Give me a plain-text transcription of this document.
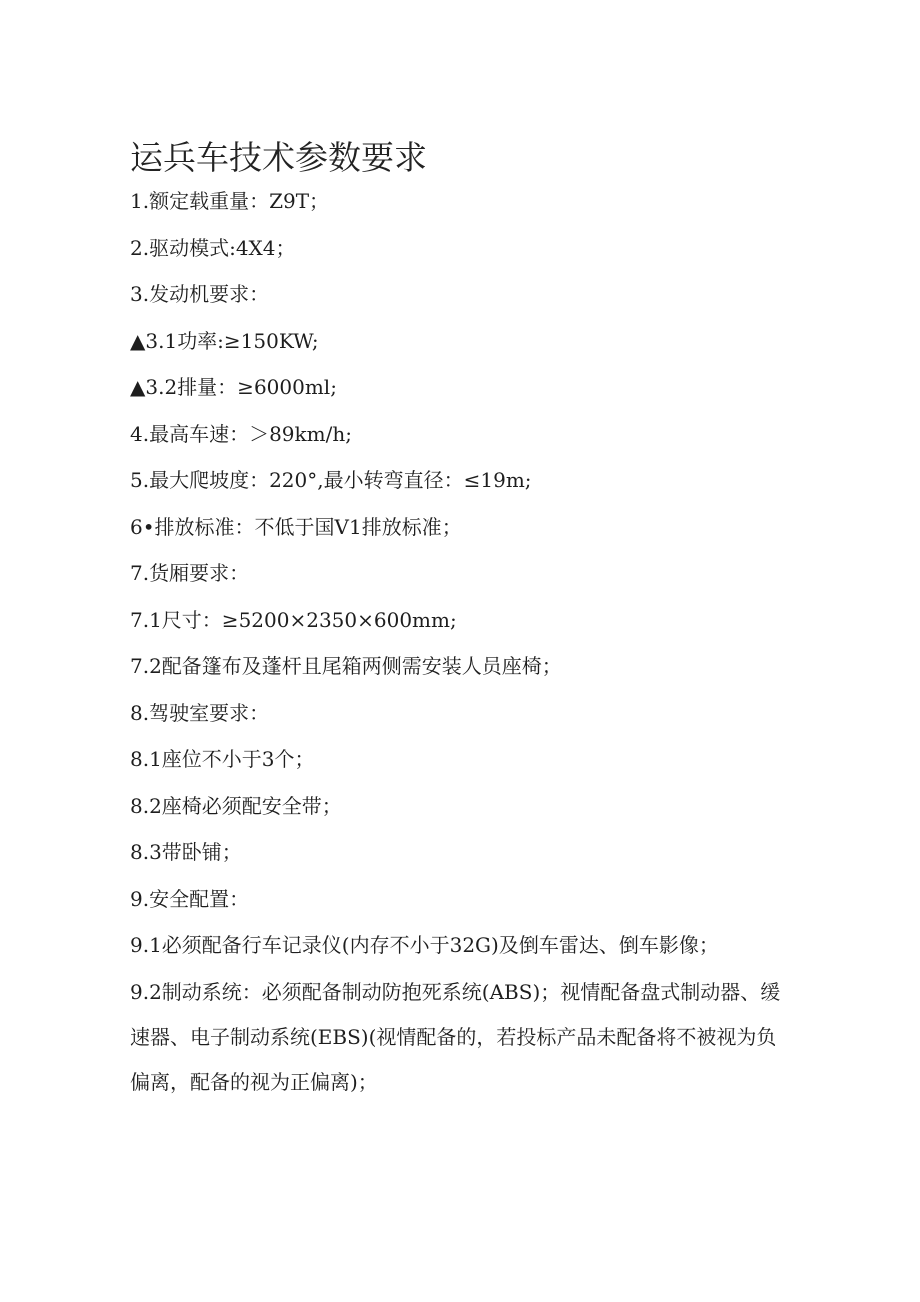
运兵车技术参数要求

1.额定载重量：Z9T；

2.驱动模式:4X4；

3.发动机要求：

▲3.1功率:≥150KW;

▲3.2排量：≥6000ml;

4.最高车速：＞89km/h;

5.最大爬坡度：220°,最小转弯直径：≤19m;

6•排放标准：不低于国V1排放标准；

7.货厢要求：

7.1尺寸：≥5200×2350×600mm;

7.2配备篷布及蓬杆且尾箱两侧需安装人员座椅；

8.驾驶室要求：

8.1座位不小于3个；

8.2座椅必须配安全带；

8.3带卧铺；

9.安全配置：

9.1必须配备行车记录仪(内存不小于32G)及倒车雷达、倒车影像；

9.2制动系统：必须配备制动防抱死系统(ABS)；视情配备盘式制动器、缓速器、电子制动系统(EBS)(视情配备的，若投标产品未配备将不被视为负偏离，配备的视为正偏离)；
